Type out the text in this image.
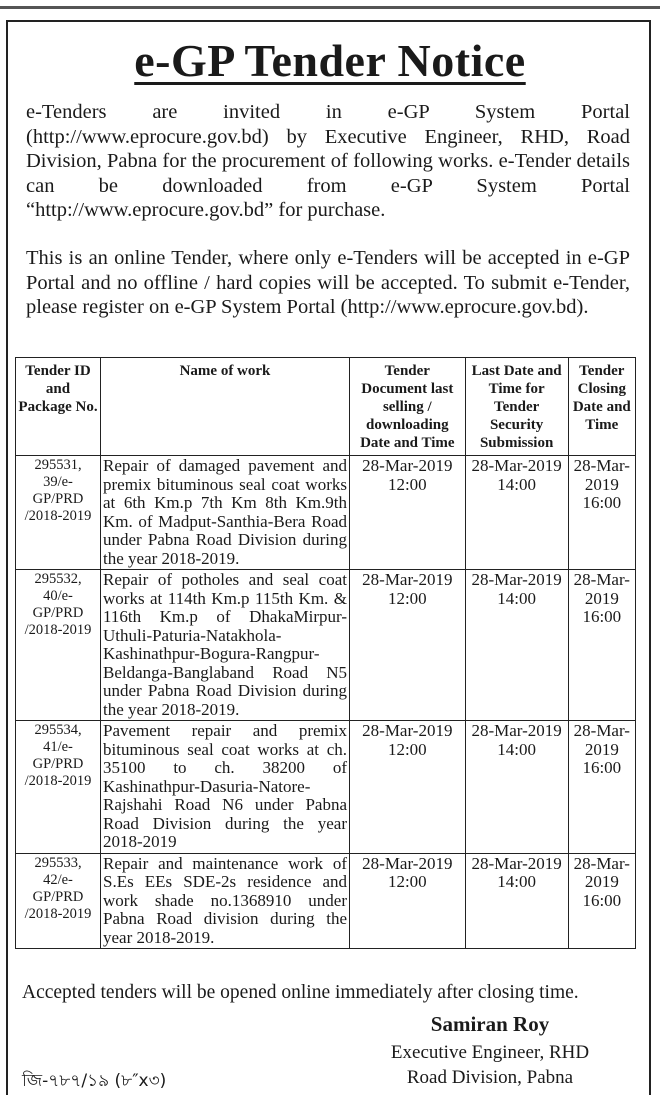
e-GP Tender Notice
e-Tenders are invited in e-GP System Portal (http://www.eprocure.gov.bd) by Executive Engineer, RHD, Road Division, Pabna for the procurement of following works. e-Tender details can be downloaded from e-GP System Portal “http://www.eprocure.gov.bd” for purchase.
This is an online Tender, where only e-Tenders will be accepted in e-GP Portal and no offline / hard copies will be accepted. To submit e-Tender, please register on e-GP System Portal (http://www.eprocure.gov.bd).
Tender ID and Package No.	Name of work	Tender Document last selling / downloading Date and Time	Last Date and Time for Tender Security Submission	Tender Closing Date and Time
295531, 39/e-GP/PRD /2018-2019	Repair of damaged pavement and premix bituminous seal coat works at 6th Km.p 7th Km 8th Km.9th Km. of Madput-Santhia-Bera Road under Pabna Road Division during the year 2018-2019.	28-Mar-2019 12:00	28-Mar-2019 14:00	28-Mar-2019 16:00
295532, 40/e-GP/PRD /2018-2019	Repair of potholes and seal coat works at 114th Km.p 115th Km. & 116th Km.p of DhakaMirpur-Uthuli-Paturia-Natakhola-Kashinathpur-Bogura-Rangpur-Beldanga-Banglaband Road N5 under Pabna Road Division during the year 2018-2019.	28-Mar-2019 12:00	28-Mar-2019 14:00	28-Mar-2019 16:00
295534, 41/e-GP/PRD /2018-2019	Pavement repair and premix bituminous seal coat works at ch. 35100 to ch. 38200 of Kashinathpur-Dasuria-Natore-Rajshahi Road N6 under Pabna Road Division during the year 2018-2019	28-Mar-2019 12:00	28-Mar-2019 14:00	28-Mar-2019 16:00
295533, 42/e-GP/PRD /2018-2019	Repair and maintenance work of S.Es EEs SDE-2s residence and work shade no.1368910 under Pabna Road division during the year 2018-2019.	28-Mar-2019 12:00	28-Mar-2019 14:00	28-Mar-2019 16:00
Accepted tenders will be opened online immediately after closing time.
Samiran Roy
Executive Engineer, RHD
Road Division, Pabna
জি-৭৮৭/১৯ (৮″x৩)
